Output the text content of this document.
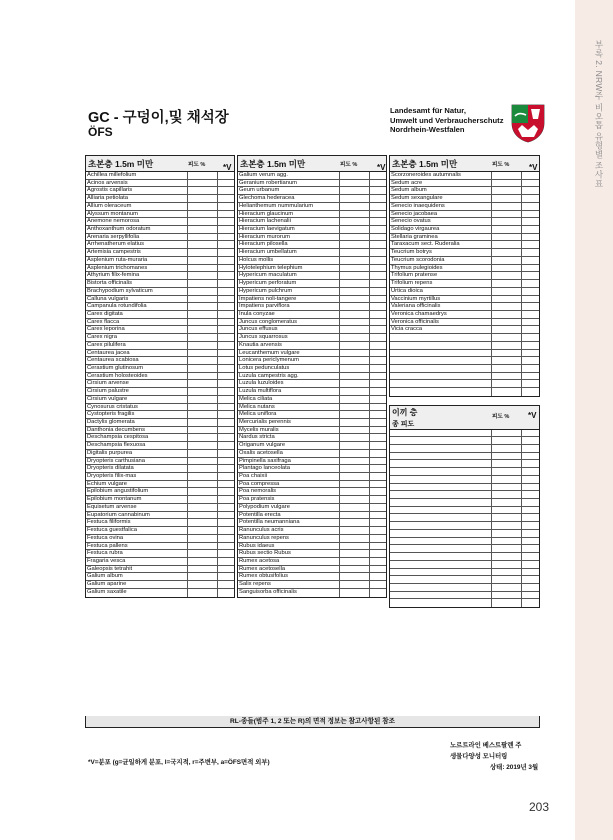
부록 2. NRW주 비오톱 유형별 조사표
GC - 구덩이,및 채석장
ÖFS
Landesamt für Natur,
Umwelt und Verbraucherschutz
Nordrhein-Westfalen
초본층 1.5m 미만	피도 %	*V
Achillea millefolium
Acinos arvensis
Agrostis capillaris
Alliaria petiolata
Allium oleraceum
Alyssum montanum
Anemone nemorosa
Anthoxanthum odoratum
Arenaria serpyllifolia
Arrhenatherum elatius
Artemisia campestris
Asplenium ruta-muraria
Asplenium trichomanes
Athyrium filix-femina
Bistorta officinalis
Brachypodium sylvaticum
Calluna vulgaris
Campanula rotundifolia
Carex digitata
Carex flacca
Carex leporina
Carex nigra
Carex pilulifera
Centaurea jacea
Centaurea scabiosa
Cerastium glutinosum
Cerastium holosteoides
Cirsium arvense
Cirsium palustre
Cirsium vulgare
Cynosurus cristatus
Cystopteris fragilis
Dactylis glomerata
Danthonia decumbens
Deschampsia cespitosa
Deschampsia flexuosa
Digitalis purpurea
Dryopteris carthusiana
Dryopteris dilatata
Dryopteris filix-mas
Echium vulgare
Epilobium angustifolium
Epilobium montanum
Equisetum arvense
Eupatorium cannabinum
Festuca filiformis
Festuca guestfalica
Festuca ovina
Festuca pallens
Festuca rubra
Fragaria vesca
Galeopsis tetrahit
Galium album
Galium aparine
Galium saxatile
초본층 1.5m 미만	피도 %	*V
Galium verum agg.
Geranium robertianum
Geum urbanum
Glechoma hederacea
Helianthemum nummularium
Hieracium glaucinum
Hieracium lachenalii
Hieracium laevigatum
Hieracium murorum
Hieracium pilosella
Hieracium umbellatum
Holcus mollis
Hylotelephium telephium
Hypericum maculatum
Hypericum perforatum
Hypericum pulchrum
Impatiens noli-tangere
Impatiens parviflora
Inula conyzae
Juncus conglomeratus
Juncus effusus
Juncus squarrosus
Knautia arvensis
Leucanthemum vulgare
Lonicera periclymenum
Lotus pedunculatus
Luzula campestris agg.
Luzula luzuloides
Luzula multiflora
Melica ciliata
Melica nutans
Melica uniflora
Mercurialis perennis
Mycelis muralis
Nardus stricta
Origanum vulgare
Oxalis acetosella
Pimpinella saxifraga
Plantago lanceolata
Poa chaixii
Poa compressa
Poa nemoralis
Poa pratensis
Polypodium vulgare
Potentilla erecta
Potentilla neumanniana
Ranunculus acris
Ranunculus repens
Rubus idaeus
Rubus sectio Rubus
Rumex acetosa
Rumex acetosella
Rumex obtusifolius
Salix repens
Sanguisorba officinalis
초본층 1.5m 미만	피도 %	*V
Scorzoneroides autumnalis
Sedum acre
Sedum album
Sedum sexangulare
Senecio inaequidens
Senecio jacobaea
Senecio ovatus
Solidago virgaurea
Stellaria graminea
Taraxacum sect. Ruderalia
Teucrium botrys
Teucrium scorodonia
Thymus pulegioides
Trifolium pratense
Trifolium repens
Urtica dioica
Vaccinium myrtillus
Valeriana officinalis
Veronica chamaedrys
Veronica officinalis
Vicia cracca
이끼 층	피도 %	*V
종 피도
RL-종들(범주 1, 2 또는 R)의 면적 정보는 참고사항된 참조
*V=분포 (g=균일하게 분포, l=국지적, r=주변부, a=ÖFS면적 외부)
노르트라인 베스트팔렌 주
생물다양성 모니터링
상태: 2019년 3월
203
